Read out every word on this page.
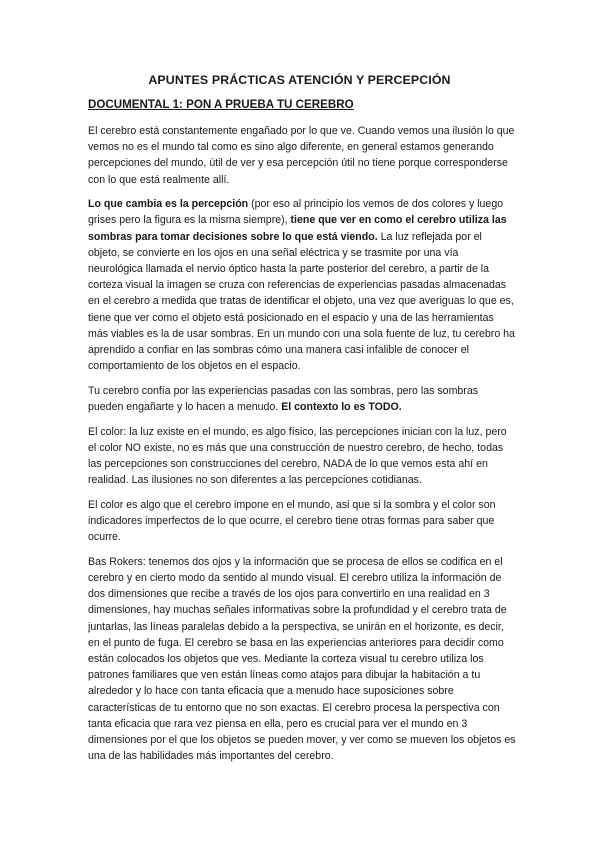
APUNTES PRÁCTICAS ATENCIÓN Y PERCEPCIÓN
DOCUMENTAL 1: PON A PRUEBA TU CEREBRO

El cerebro está constantemente engañado por lo que ve. Cuando vemos una ilusión lo que vemos no es el mundo tal como es sino algo diferente, en general estamos generando percepciones del mundo, útil de ver y esa percepción útil no tiene porque corresponderse con lo que está realmente allí.

Lo que cambia es la percepción (por eso al principio los vemos de dos colores y luego grises pero la figura es la misma siempre), tiene que ver en como el cerebro utiliza las sombras para tomar decisiones sobre lo que está viendo. La luz reflejada por el objeto, se convierte en los ojos en una señal eléctrica y se trasmite por una vía neurológica llamada el nervio óptico hasta la parte posterior del cerebro, a partir de la corteza visual la imagen se cruza con referencias de experiencias pasadas almacenadas en el cerebro a medida que tratas de identificar el objeto, una vez que averiguas lo que es, tiene que ver como el objeto está posicionado en el espacio y una de las herramientas más viables es la de usar sombras. En un mundo con una sola fuente de luz, tu cerebro ha aprendido a confiar en las sombras cómo una manera casi infalible de conocer el comportamiento de los objetos en el espacio.

Tu cerebro confía por las experiencias pasadas con las sombras, pero las sombras pueden engañarte y lo hacen a menudo. El contexto lo es TODO.

El color: la luz existe en el mundo, es algo físico, las percepciones inician con la luz, pero el color NO existe, no es más que una construcción de nuestro cerebro, de hecho, todas las percepciones son construcciones del cerebro, NADA de lo que vemos esta ahí en realidad. Las ilusiones no son diferentes a las percepciones cotidianas.

El color es algo que el cerebro impone en el mundo, asi que si la sombra y el color son indicadores imperfectos de lo que ocurre, el cerebro tiene otras formas para saber que ocurre.

Bas Rokers: tenemos dos ojos y la información que se procesa de ellos se codifica en el cerebro y en cierto modo da sentido al mundo visual. El cerebro utiliza la información de dos dimensiones que recibe a través de los ojos para convertirlo en una realidad en 3 dimensiones, hay muchas señales informativas sobre la profundidad y el cerebro trata de juntarlas, las líneas paralelas debido a la perspectiva, se unirán en el horizonte, es decir, en el punto de fuga. El cerebro se basa en las experiencias anteriores para decidir como están colocados los objetos que ves. Mediante la corteza visual tu cerebro utiliza los patrones familiares que ven están líneas como atajos para dibujar la habitación a tu alrededor y lo hace con tanta eficacia que a menudo hace suposiciones sobre características de tu entorno que no son exactas. El cerebro procesa la perspectiva con tanta eficacia que rara vez piensa en ella, pero es crucial para ver el mundo en 3 dimensiones por el que los objetos se pueden mover, y ver como se mueven los objetos es una de las habilidades más importantes del cerebro.
